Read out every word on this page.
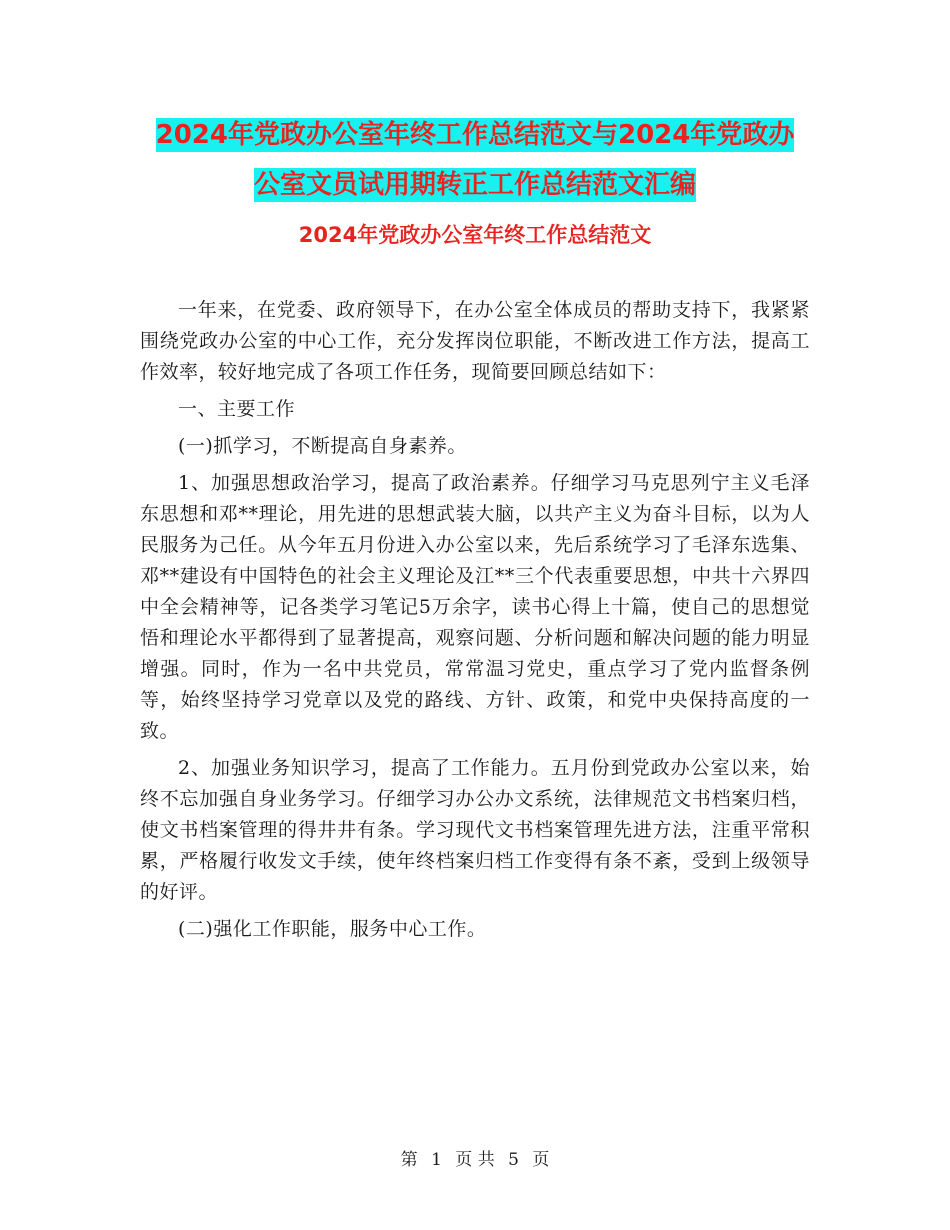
2024年党政办公室年终工作总结范文与2024年党政办
公室文员试用期转正工作总结范文汇编
2024年党政办公室年终工作总结范文

一年来，在党委、政府领导下，在办公室全体成员的帮助支持下，我紧紧围绕党政办公室的中心工作，充分发挥岗位职能，不断改进工作方法，提高工作效率，较好地完成了各项工作任务，现简要回顾总结如下：

一、主要工作

(一)抓学习，不断提高自身素养。

1、加强思想政治学习，提高了政治素养。仔细学习马克思列宁主义毛泽东思想和邓**理论，用先进的思想武装大脑，以共产主义为奋斗目标，以为人民服务为己任。从今年五月份进入办公室以来，先后系统学习了毛泽东选集、邓**建设有中国特色的社会主义理论及江**三个代表重要思想，中共十六界四中全会精神等，记各类学习笔记5万余字，读书心得上十篇，使自己的思想觉悟和理论水平都得到了显著提高，观察问题、分析问题和解决问题的能力明显增强。同时，作为一名中共党员，常常温习党史，重点学习了党内监督条例等，始终坚持学习党章以及党的路线、方针、政策，和党中央保持高度的一致。

2、加强业务知识学习，提高了工作能力。五月份到党政办公室以来，始终不忘加强自身业务学习。仔细学习办公办文系统，法律规范文书档案归档，使文书档案管理的得井井有条。学习现代文书档案管理先进方法，注重平常积累，严格履行收发文手续，使年终档案归档工作变得有条不紊，受到上级领导的好评。

(二)强化工作职能，服务中心工作。

第 1 页 共 5 页
